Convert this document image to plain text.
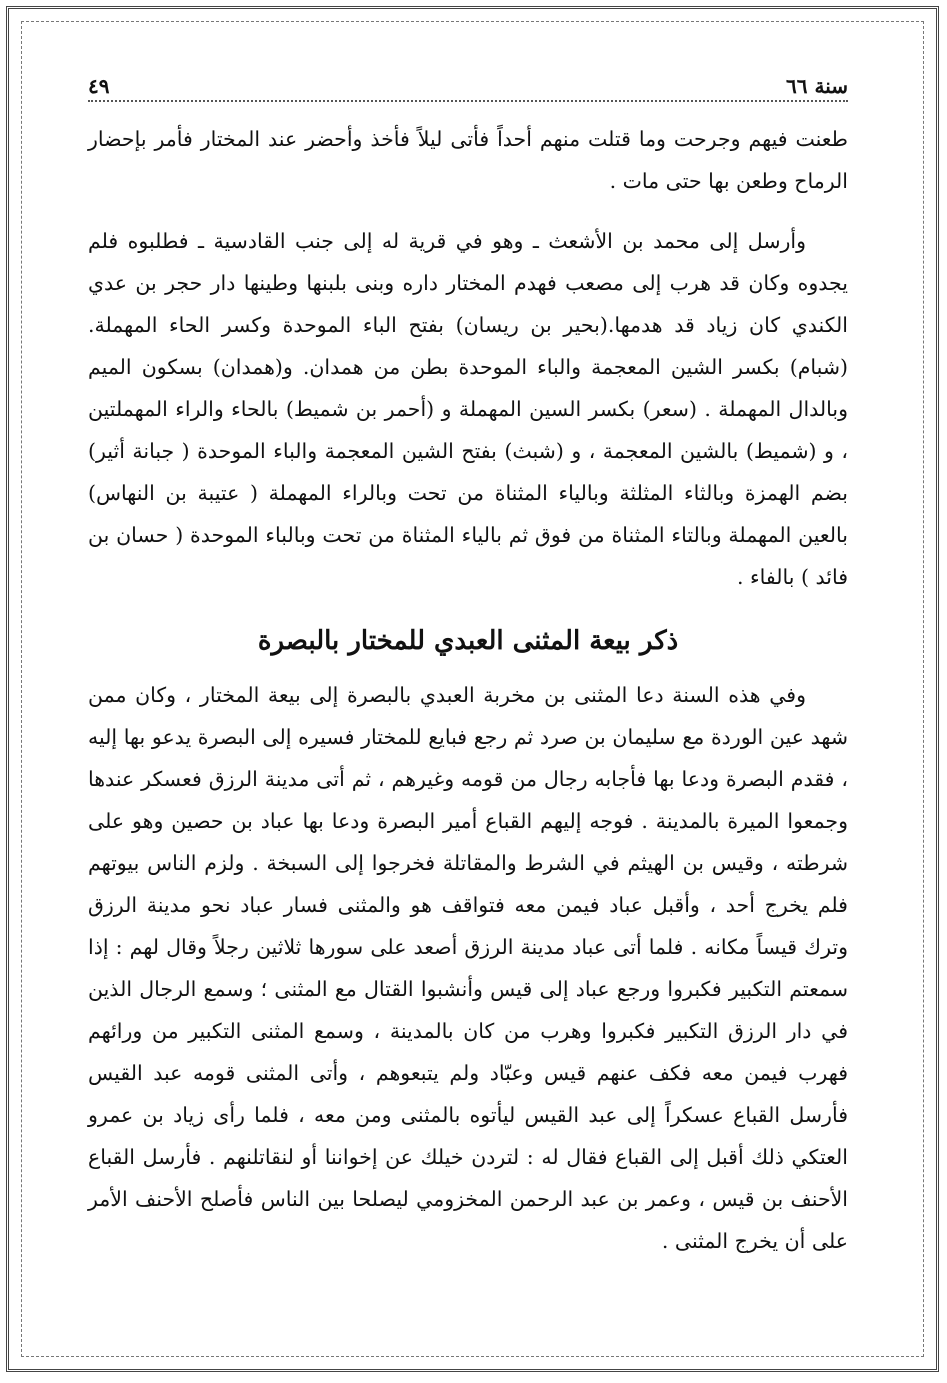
سنة ٦٦
٤٩

طعنت فيهم وجرحت وما قتلت منهم أحداً فأتى ليلاً فأخذ وأحضر عند المختار فأمر بإحضار الرماح وطعن بها حتى مات .

وأرسل إلى محمد بن الأشعث ـ وهو في قرية له إلى جنب القادسية ـ فطلبوه فلم يجدوه وكان قد هرب إلى مصعب فهدم المختار داره وبنى بلبنها وطينها دار حجر بن عدي الكندي كان زياد قد هدمها.(بحير بن ريسان) بفتح الباء الموحدة وكسر الحاء المهملة. (شبام) بكسر الشين المعجمة والباء الموحدة بطن من همدان. و(همدان) بسكون الميم وبالدال المهملة . (سعر) بكسر السين المهملة و (أحمر بن شميط) بالحاء والراء المهملتين ، و (شميط) بالشين المعجمة ، و (شبث) بفتح الشين المعجمة والباء الموحدة ( جبانة أثير) بضم الهمزة وبالثاء المثلثة وبالياء المثناة من تحت وبالراء المهملة ( عتيبة بن النهاس) بالعين المهملة وبالتاء المثناة من فوق ثم بالياء المثناة من تحت وبالباء الموحدة ( حسان بن فائد ) بالفاء .

ذكر بيعة المثنى العبدي للمختار بالبصرة

وفي هذه السنة دعا المثنى بن مخربة العبدي بالبصرة إلى بيعة المختار ، وكان ممن شهد عين الوردة مع سليمان بن صرد ثم رجع فبايع للمختار فسيره إلى البصرة يدعو بها إليه ، فقدم البصرة ودعا بها فأجابه رجال من قومه وغيرهم ، ثم أتى مدينة الرزق فعسكر عندها وجمعوا الميرة بالمدينة . فوجه إليهم القباع أمير البصرة ودعا بها عباد بن حصين وهو على شرطته ، وقيس بن الهيثم في الشرط والمقاتلة فخرجوا إلى السبخة . ولزم الناس بيوتهم فلم يخرج أحد ، وأقبل عباد فيمن معه فتواقف هو والمثنى فسار عباد نحو مدينة الرزق وترك قيساً مكانه . فلما أتى عباد مدينة الرزق أصعد على سورها ثلاثين رجلاً وقال لهم : إذا سمعتم التكبير فكبروا ورجع عباد إلى قيس وأنشبوا القتال مع المثنى ؛ وسمع الرجال الذين في دار الرزق التكبير فكبروا وهرب من كان بالمدينة ، وسمع المثنى التكبير من ورائهم فهرب فيمن معه فكف عنهم قيس وعبّاد ولم يتبعوهم ، وأتى المثنى قومه عبد القيس فأرسل القباع عسكراً إلى عبد القيس ليأتوه بالمثنى ومن معه ، فلما رأى زياد بن عمرو العتكي ذلك أقبل إلى القباع فقال له : لتردن خيلك عن إخواننا أو لنقاتلنهم . فأرسل القباع الأحنف بن قيس ، وعمر بن عبد الرحمن المخزومي ليصلحا بين الناس فأصلح الأحنف الأمر على أن يخرج المثنى .
